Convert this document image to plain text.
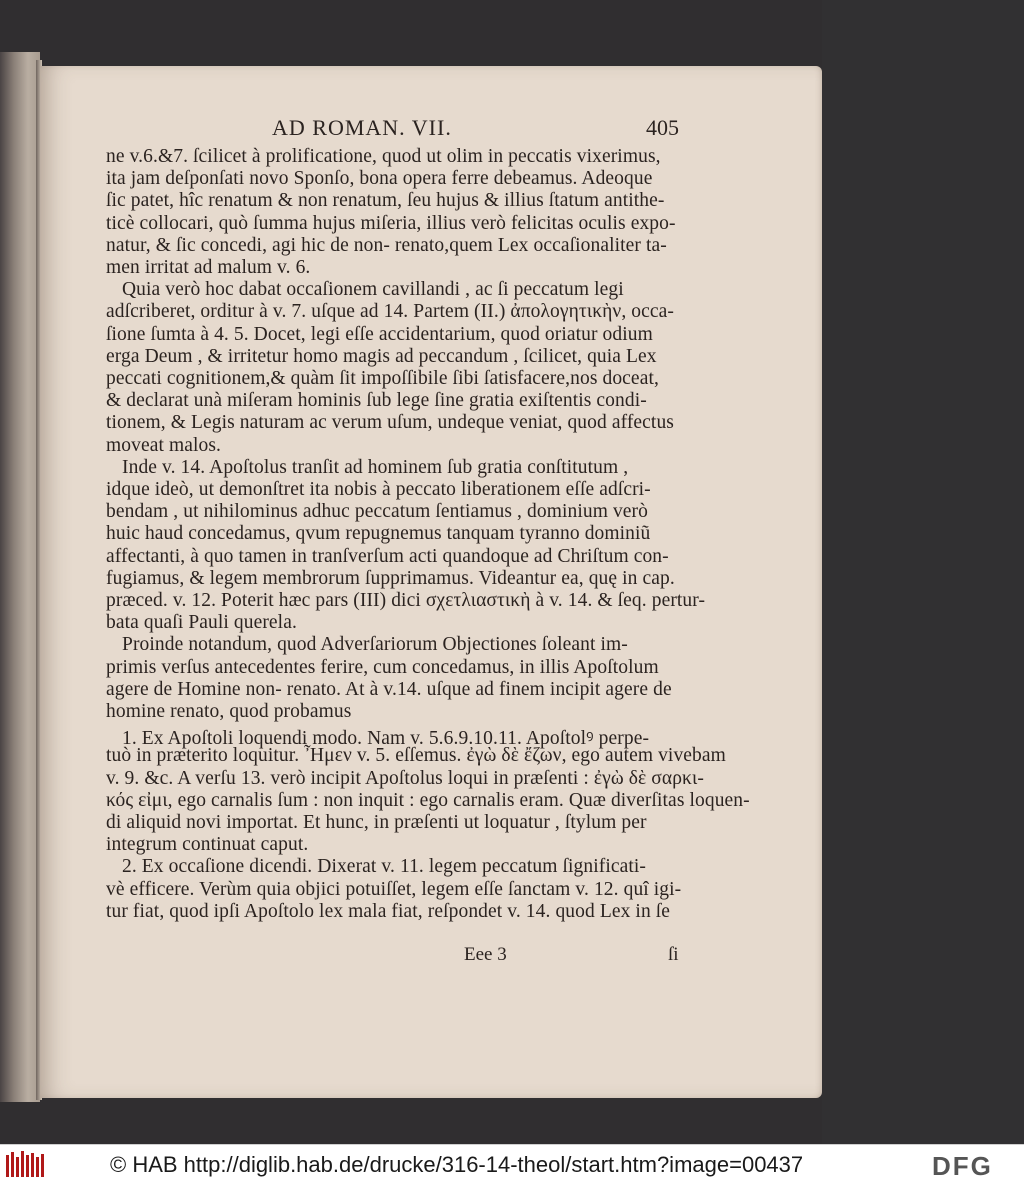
AD ROMAN. VII.	405
ne v.6.&7. ſcilicet à prolificatione, quod ut olim in peccatis vixerimus,
ita jam deſponſati novo Sponſo, bona opera ferre debeamus. Adeoque
ſic patet, hîc renatum & non renatum, ſeu hujus & illius ſtatum antithe-
ticè collocari, quò ſumma hujus miſeria, illius verò felicitas oculis expo-
natur, & ſic concedi, agi hic de non- renato,quem Lex occaſionaliter ta-
men irritat ad malum v. 6.
Quia verò hoc dabat occaſionem cavillandi , ac ſi peccatum legi
adſcriberet, orditur à v. 7. uſque ad 14. Partem (II.) ἀπολογητικὴν, occa-
ſione ſumta à 4. 5. Docet, legi eſſe accidentarium, quod oriatur odium
erga Deum , & irritetur homo magis ad peccandum , ſcilicet, quia Lex
peccati cognitionem,& quàm ſit impoſſibile ſibi ſatisfacere,nos doceat,
& declarat unà miſeram hominis ſub lege ſine gratia exiſtentis condi-
tionem, & Legis naturam ac verum uſum, undeque veniat, quod affectus
moveat malos.
Inde v. 14. Apoſtolus tranſit ad hominem ſub gratia conſtitutum ,
idque ideò, ut demonſtret ita nobis à peccato liberationem eſſe adſcri-
bendam , ut nihilominus adhuc peccatum ſentiamus , dominium verò
huic haud concedamus, qvum repugnemus tanquam tyranno dominiũ
affectanti, à quo tamen in tranſverſum acti quandoque ad Chriſtum con-
fugiamus, & legem membrorum ſupprimamus. Videantur ea, quę in cap.
præced. v. 12. Poterit hæc pars (III) dici σχετλιαστικὴ à v. 14. & ſeq. pertur-
bata quaſi Pauli querela.
Proinde notandum, quod Adverſariorum Objectiones ſoleant im-
primis verſus antecedentes ferire, cum concedamus, in illis Apoſtolum
agere de Homine non- renato. At à v.14. uſque ad finem incipit agere de
homine renato, quod probamus
1. Ex Apoſtoli loquendi modo. Nam v. 5.6.9.10.11. Apoſtolꝰ perpe-
tuò in præterito loquitur. Ἦμεν v. 5. eſſemus. ἐγὼ δὲ ἔζων, ego autem vivebam
v. 9. &c. A verſu 13. verò incipit Apoſtolus loqui in præſenti : ἐγὼ δὲ σαρκι-
κός εἰμι, ego carnalis ſum : non inquit : ego carnalis eram. Quæ diverſitas loquen-
di aliquid novi importat. Et hunc, in præſenti ut loquatur , ſtylum per
integrum continuat caput.
2. Ex occaſione dicendi. Dixerat v. 11. legem peccatum ſignificati-
vè efficere. Verùm quia objici potuiſſet, legem eſſe ſanctam v. 12. quî igi-
tur fiat, quod ipſi Apoſtolo lex mala fiat, reſpondet v. 14. quod Lex in ſe
Eee 3	ſi
© HAB http://diglib.hab.de/drucke/316-14-theol/start.htm?image=00437	DFG
